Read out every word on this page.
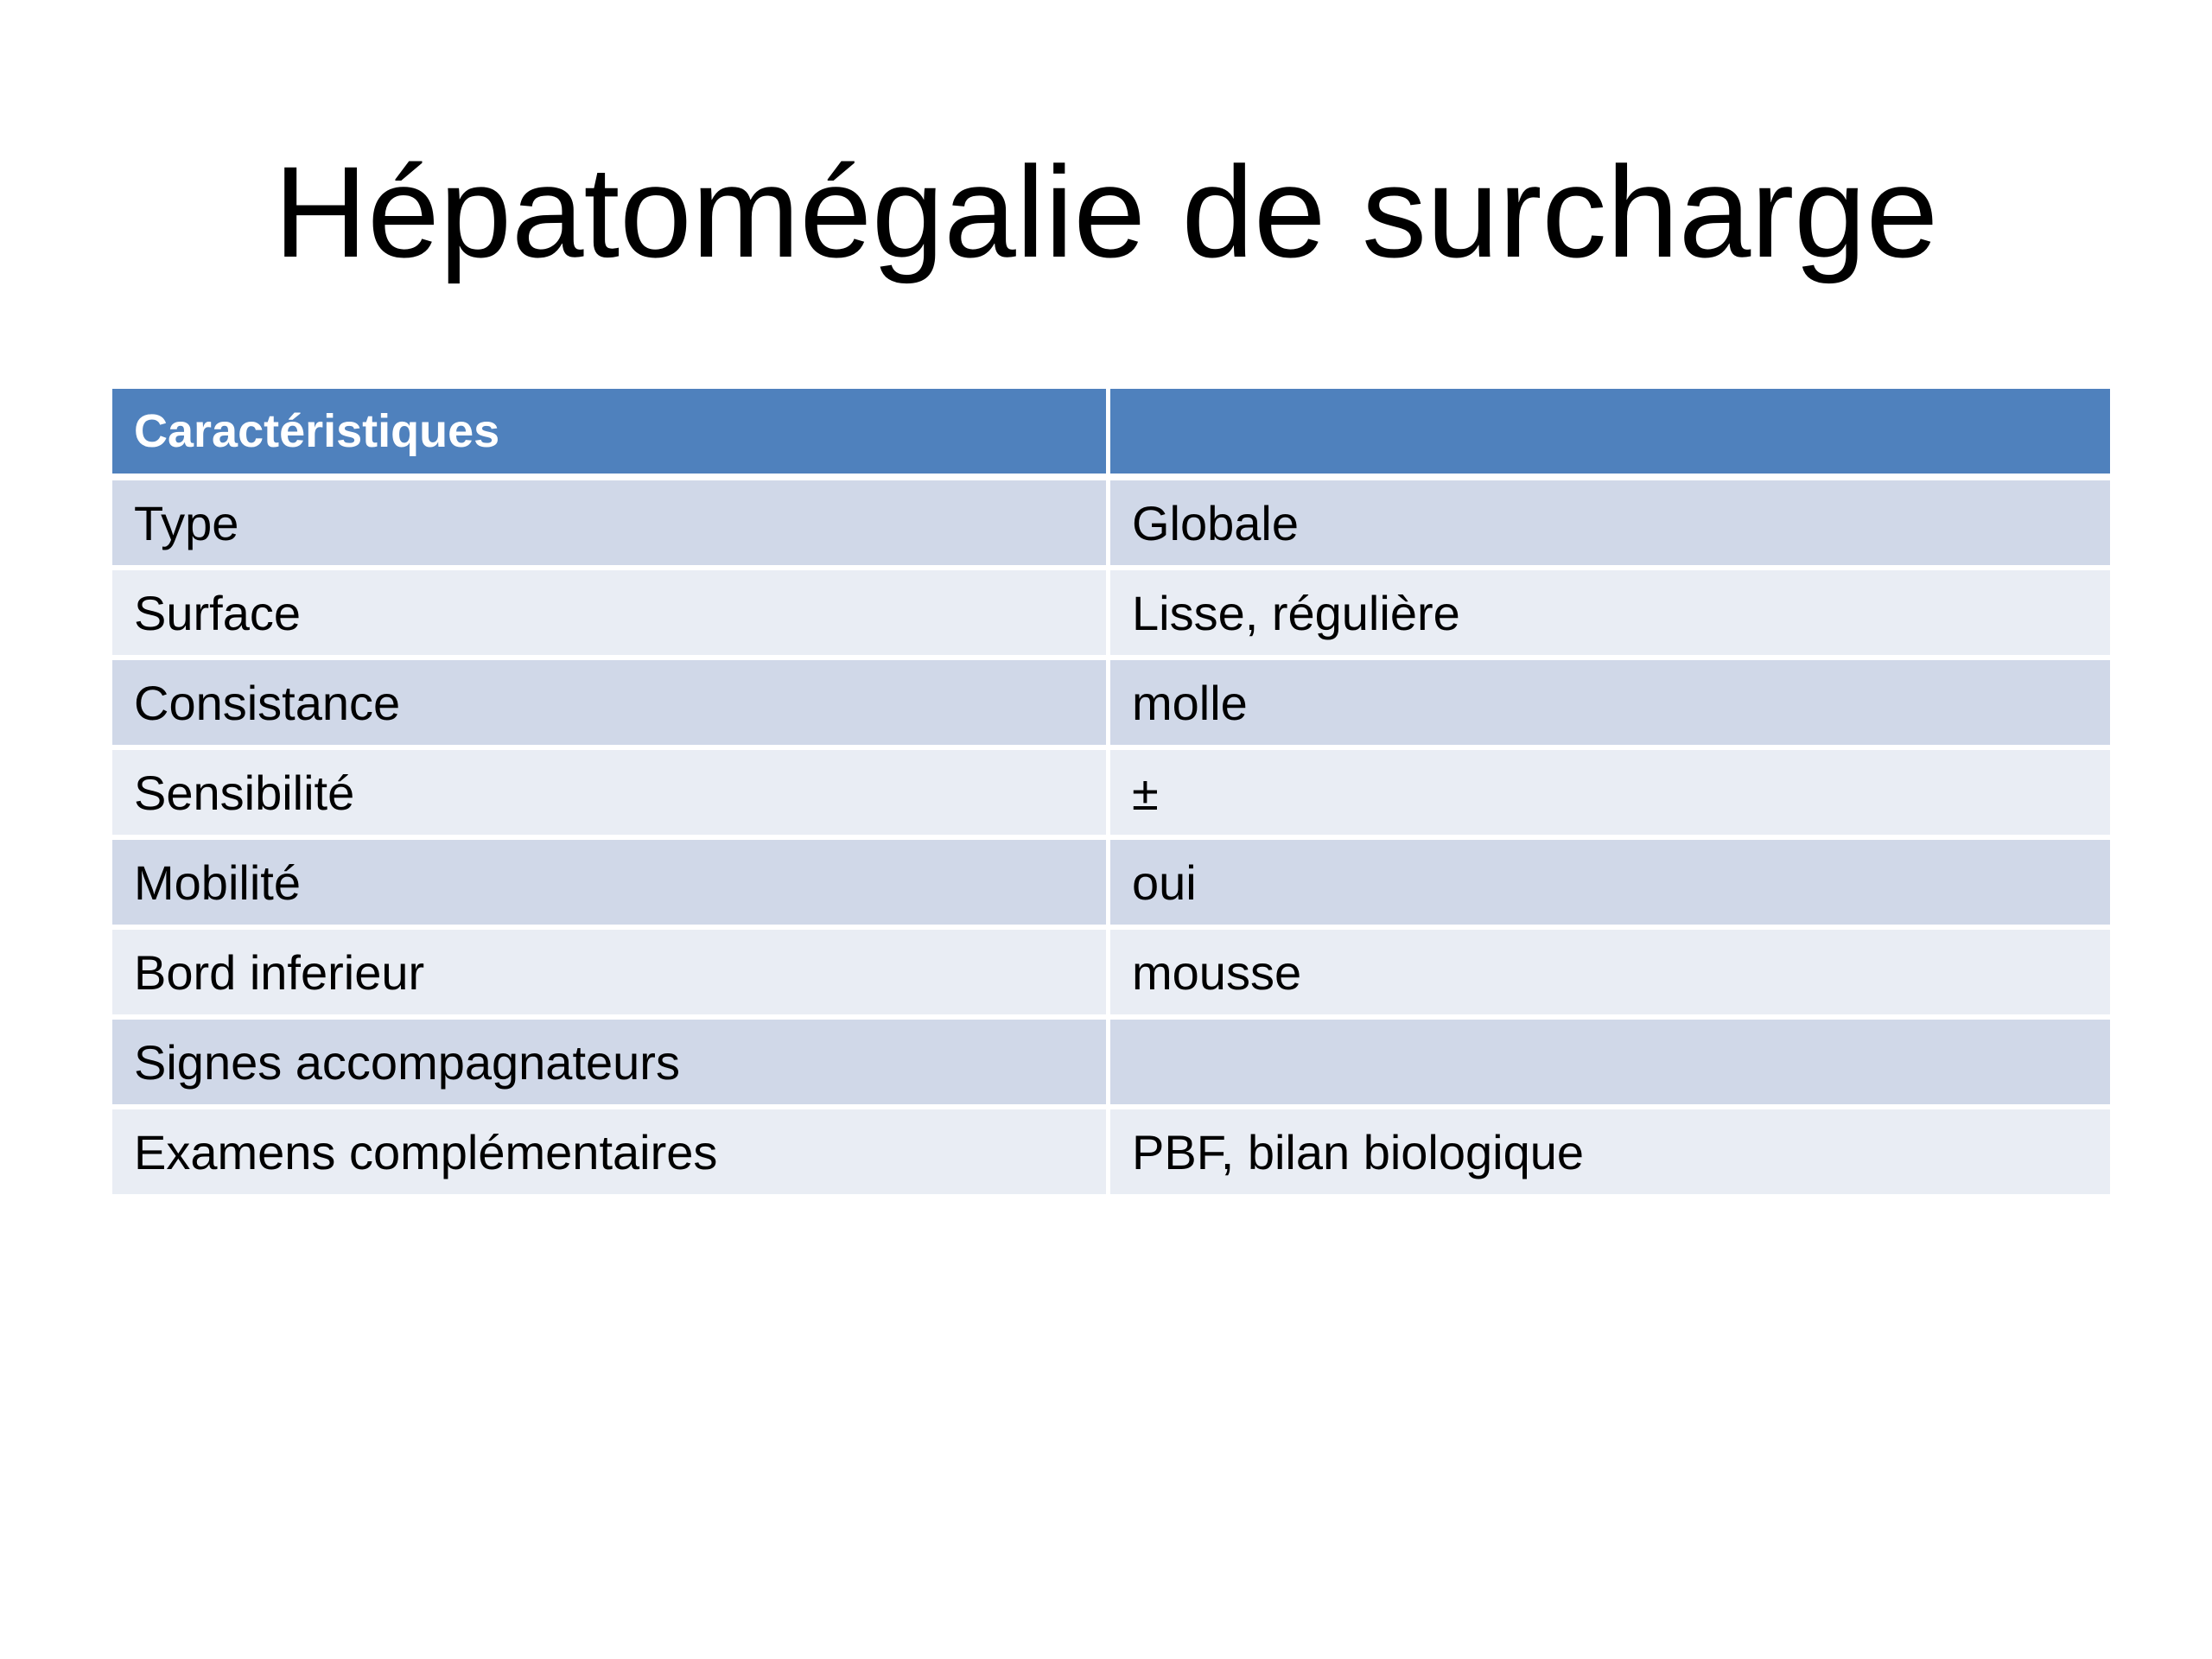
Hépatomégalie de surcharge
Caractéristiques	
Type	Globale
Surface	Lisse, régulière
Consistance	molle
Sensibilité	±
Mobilité	oui
Bord inferieur	mousse
Signes accompagnateurs	
Examens complémentaires	PBF, bilan biologique
